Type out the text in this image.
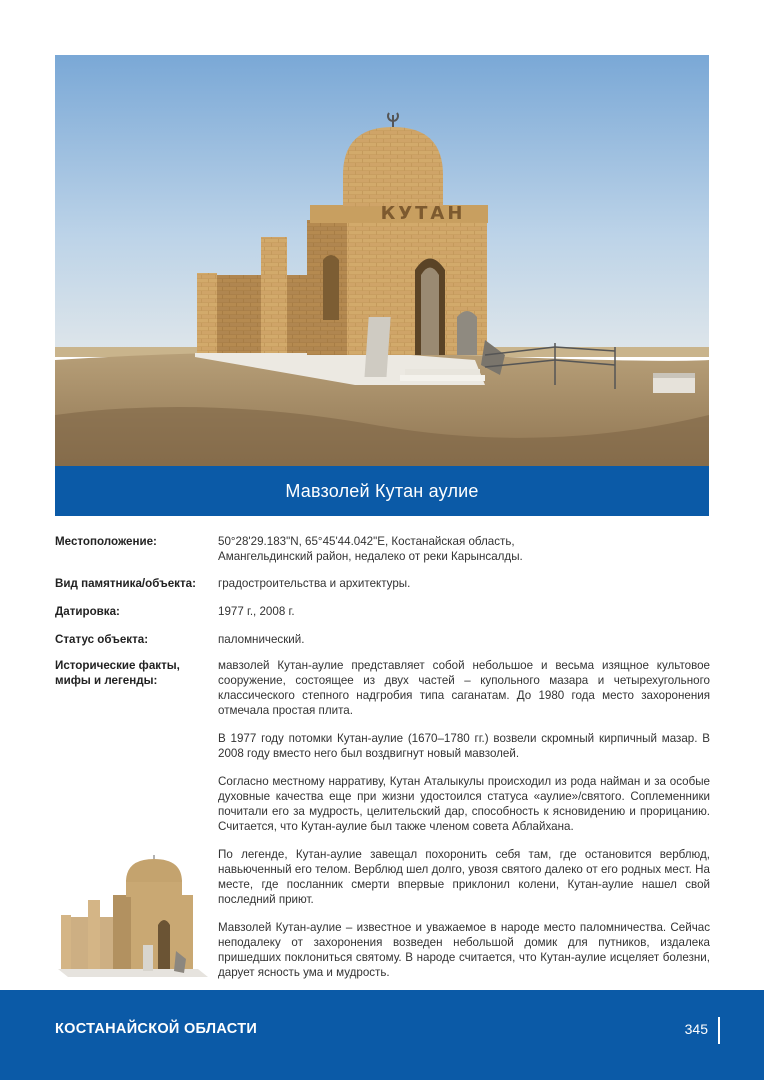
КУТАН
Мавзолей Кутан аулие
Местоположение:	50°28'29.183"N, 65°45'44.042"E, Костанайская область,
Амангельдинский район, недалеко от реки Карынсалды.
Вид памятника/объекта:	градостроительства и архитектуры.
Датировка:	1977 г., 2008 г.
Статус объекта:	паломнический.
Исторические факты, мифы и легенды:

мавзолей Кутан-аулие представляет собой небольшое и весьма изящное культовое сооружение, состоящее из двух частей – купольного мазара и четырехугольного классического степного надгробия типа саганатам. До 1980 года место захоронения отмечала простая плита.

В 1977 году потомки Кутан-аулие (1670–1780 гг.) возвели скромный кирпичный мазар. В 2008 году вместо него был воздвигнут новый мавзолей.

Согласно местному нарративу, Кутан Аталыкулы происходил из рода найман и за особые духовные качества еще при жизни удостоился статуса «аулие»/святого. Соплеменники почитали его за мудрость, целительский дар, способность к ясновидению и прорицанию. Считается, что Кутан-аулие был также членом совета Аблайхана.

По легенде, Кутан-аулие завещал похоронить себя там, где остановится верблюд, навьюченный его телом. Верблюд шел долго, увозя святого далеко от его родных мест. На месте, где посланник смерти впервые приклонил колени, Кутан-аулие нашел свой последний приют.

Мавзолей Кутан-аулие – известное и уважаемое в народе место паломничества. Сейчас неподалеку от захоронения возведен небольшой домик для путников, издалека пришедших поклониться святому. В народе считается, что Кутан-аулие исцеляет болезни, дарует ясность ума и мудрость.

КОСТАНАЙСКОЙ ОБЛАСТИ	345
